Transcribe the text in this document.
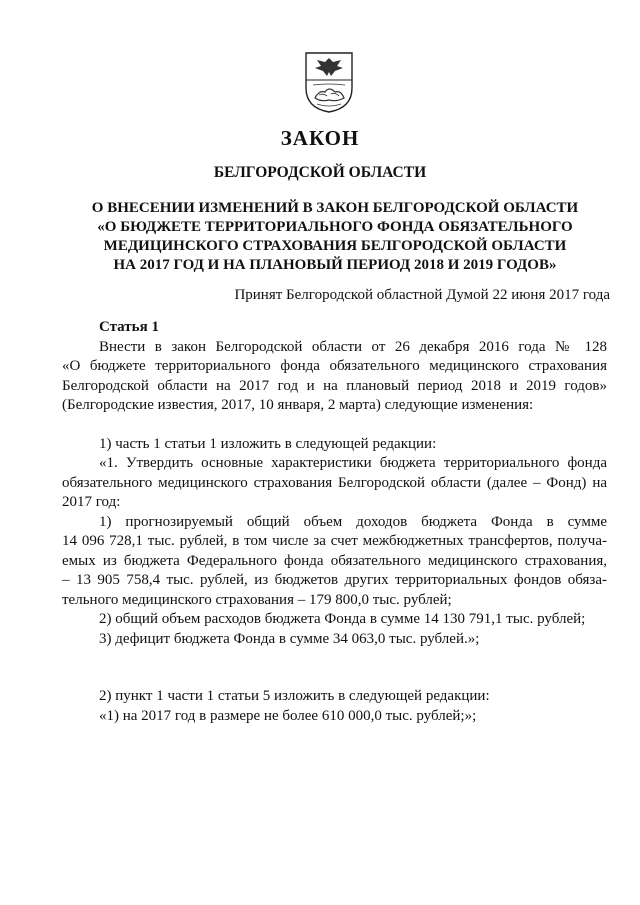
ЗАКОН
БЕЛГОРОДСКОЙ ОБЛАСТИ
О ВНЕСЕНИИ ИЗМЕНЕНИЙ В ЗАКОН БЕЛГОРОДСКОЙ ОБЛАСТИ
«О БЮДЖЕТЕ ТЕРРИТОРИАЛЬНОГО ФОНДА ОБЯЗАТЕЛЬНОГО
МЕДИЦИНСКОГО СТРАХОВАНИЯ БЕЛГОРОДСКОЙ ОБЛАСТИ
НА 2017 ГОД И НА ПЛАНОВЫЙ ПЕРИОД 2018 И 2019 ГОДОВ»
Принят Белгородской областной Думой 22 июня 2017 года
Статья 1
Внести в закон Белгородской области от 26 декабря 2016 года № 128
«О бюджете территориального фонда обязательного медицинского страхования
Белгородской области на 2017 год и на плановый период 2018 и 2019 годов»
(Белгородские известия, 2017, 10 января, 2 марта) следующие изменения:
1) часть 1 статьи 1 изложить в следующей редакции:
«1. Утвердить основные характеристики бюджета территориального фонда
обязательного медицинского страхования Белгородской области (далее – Фонд) на
2017 год:
1) прогнозируемый общий объем доходов бюджета Фонда в сумме
14 096 728,1 тыс. рублей, в том числе за счет межбюджетных трансфертов, получа-
емых из бюджета Федерального фонда обязательного медицинского страхования,
– 13 905 758,4 тыс. рублей, из бюджетов других территориальных фондов обяза-
тельного медицинского страхования – 179 800,0 тыс. рублей;
2) общий объем расходов бюджета Фонда в сумме 14 130 791,1 тыс. рублей;
3) дефицит бюджета Фонда в сумме 34 063,0 тыс. рублей.»;
2) пункт 1 части 1 статьи 5 изложить в следующей редакции:
«1) на 2017 год в размере не более 610 000,0 тыс. рублей;»;
